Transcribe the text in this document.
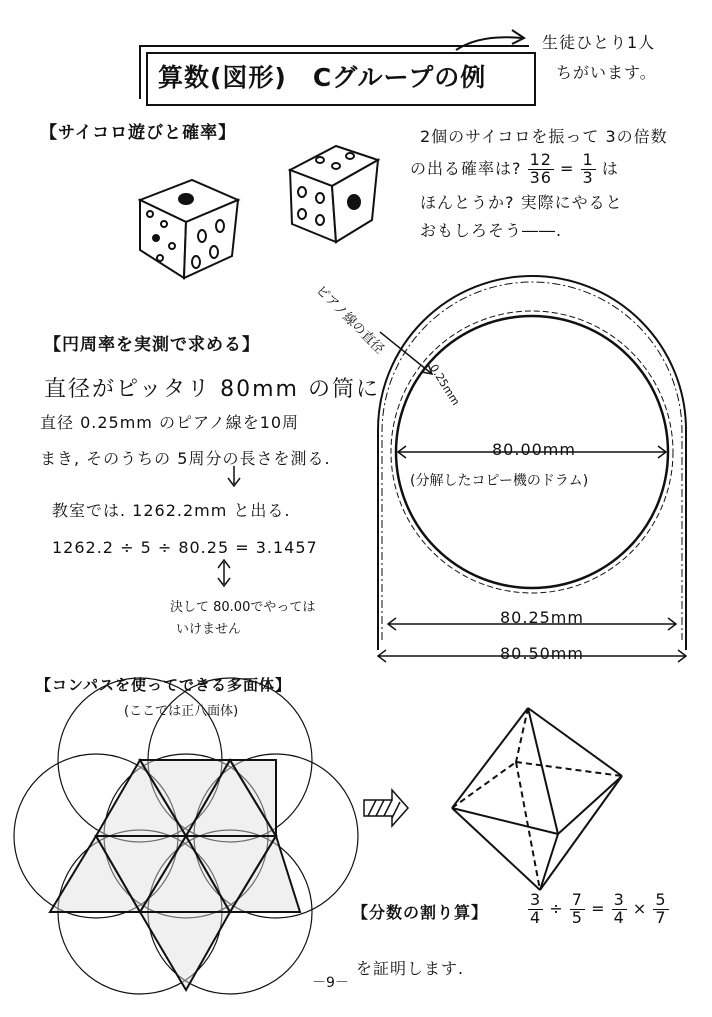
算数(図形)　Cグループの例
生徒ひとり1人
ちがいます。
【サイコロ遊びと確率】	2個のサイコロを振って 3の倍数
の出る確率は? $\frac{12}{36} = \frac{1}{3}$ は
ほんとうか? 実際にやると
おもしろそう――.
【円周率を実測で求める】
直径がピッタリ 80mm の筒に
直径 0.25mm のピアノ線を10周
まき, そのうちの 5周分の長さを測る.
教室では. 1262.2mm と出る.
1262.2 ÷ 5 ÷ 80.25 = 3.1457
決して 80.00でやっては
いけません
ピアノ線の直径
0.25mm
80.00mm
(分解したコピー機のドラム)
80.25mm
80.50mm
【コンパスを使ってできる多面体】
(ここでは正八面体)
【分数の割り算】 $\frac{3}{4} \div \frac{7}{5} = \frac{3}{4} \times \frac{5}{7}$
を証明します.
－9－
